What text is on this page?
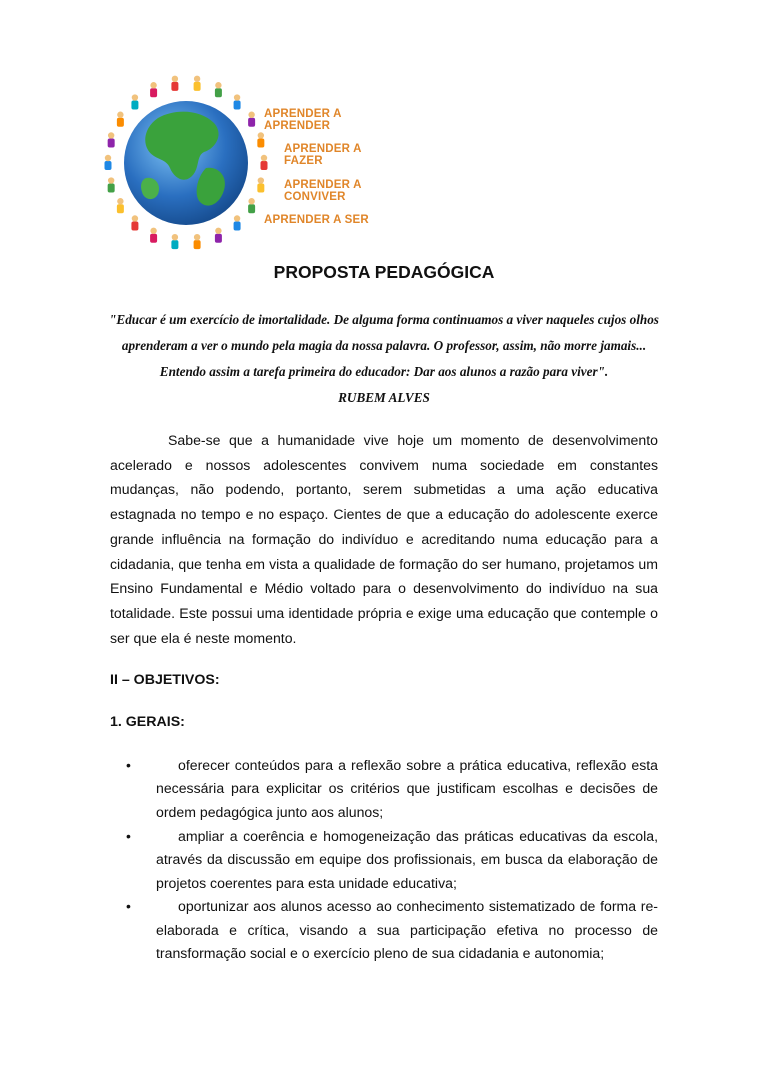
APRENDER A APRENDER
APRENDER A FAZER
APRENDER A CONVIVER
APRENDER A SER
PROPOSTA PEDAGÓGICA
"Educar é um exercício de imortalidade. De alguma forma continuamos a viver naqueles cujos olhos
aprenderam a ver o mundo pela magia da nossa palavra. O professor, assim, não morre jamais...
Entendo assim a tarefa primeira do educador: Dar aos alunos a razão para viver".
RUBEM ALVES

Sabe-se que a humanidade vive hoje um momento de desenvolvimento acelerado e nossos adolescentes convivem numa sociedade em constantes mudanças, não podendo, portanto, serem submetidas a uma ação educativa estagnada no tempo e no espaço. Cientes de que a educação do adolescente exerce grande influência na formação do indivíduo e acreditando numa educação para a cidadania, que tenha em vista a qualidade de formação do ser humano, projetamos um Ensino Fundamental e Médio voltado para o desenvolvimento do indivíduo na sua totalidade. Este possui uma identidade própria e exige uma educação que contemple o ser que ela é neste momento.

II – OBJETIVOS:
1. GERAIS:
•	oferecer conteúdos para a reflexão sobre a prática educativa, reflexão esta necessária para explicitar os critérios que justificam escolhas e decisões de ordem pedagógica junto aos alunos;
•	ampliar a coerência e homogeneização das práticas educativas da escola, através da discussão em equipe dos profissionais, em busca da elaboração de projetos coerentes para esta unidade educativa;
•	oportunizar aos alunos acesso ao conhecimento sistematizado de forma re-elaborada e crítica, visando a sua participação efetiva no processo de transformação social e o exercício pleno de sua cidadania e autonomia;
